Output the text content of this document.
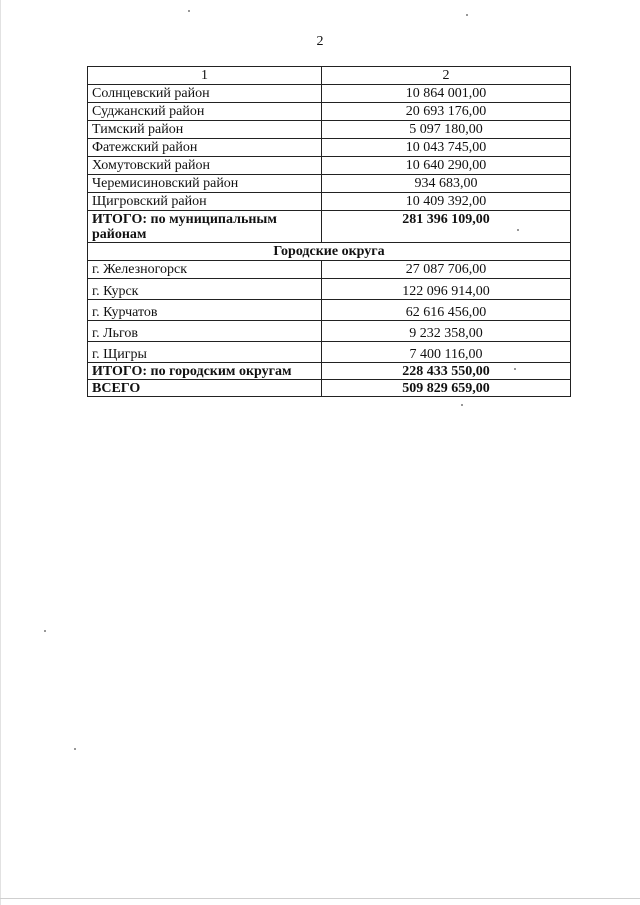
2
1	2
Солнцевский район	10 864 001,00
Суджанский район	20 693 176,00
Тимский район	5 097 180,00
Фатежский район	10 043 745,00
Хомутовский район	10 640 290,00
Черемисиновский район	934 683,00
Щигровский район	10 409 392,00
ИТОГО: по муниципальным районам	281 396 109,00
Городские округа	
г. Железногорск	27 087 706,00
г. Курск	122 096 914,00
г. Курчатов	62 616 456,00
г. Льгов	9 232 358,00
г. Щигры	7 400 116,00
ИТОГО: по городским округам	228 433 550,00
ВСЕГО	509 829 659,00
